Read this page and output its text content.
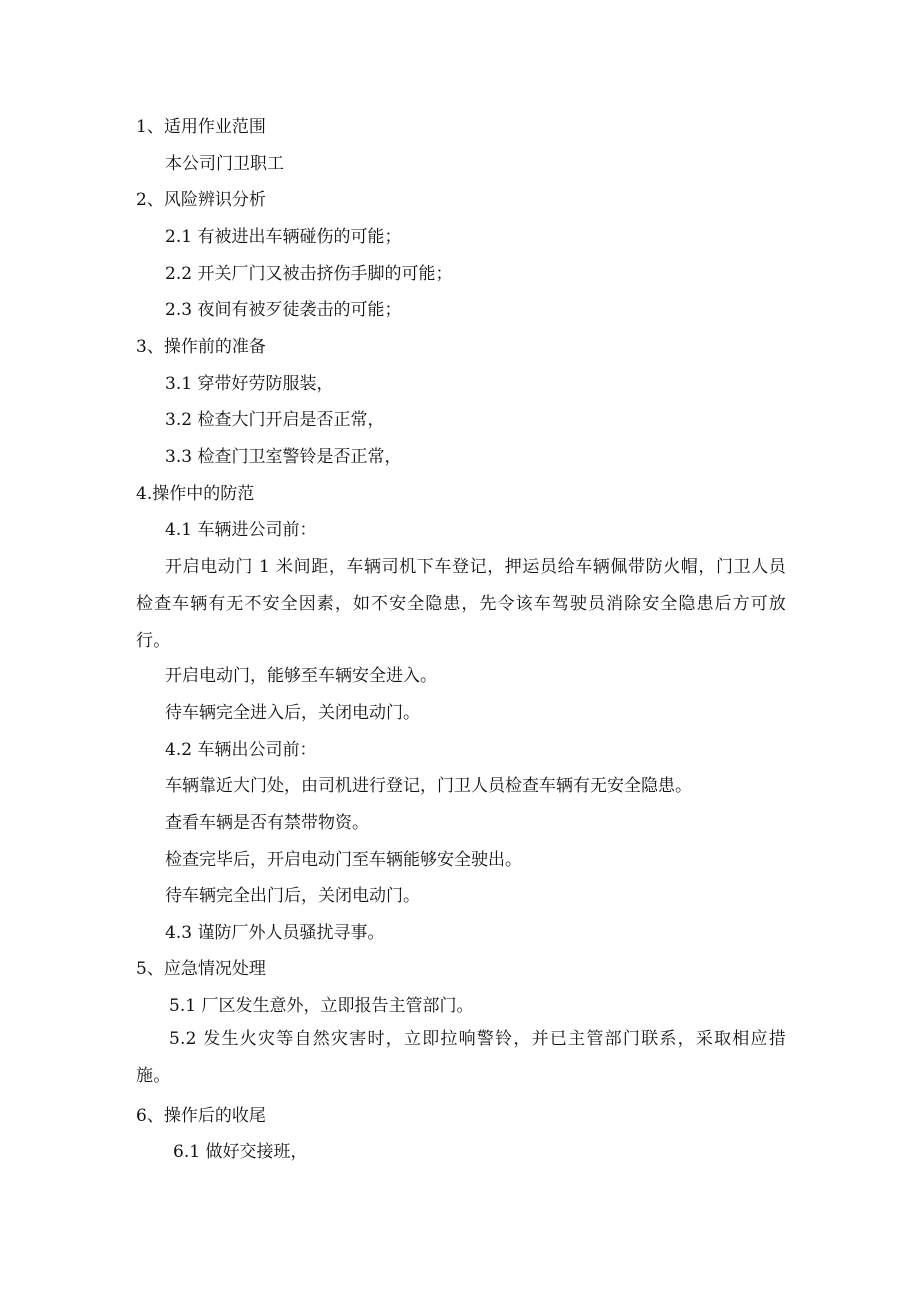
1、适用作业范围

本公司门卫职工

2、风险辨识分析

2.1 有被进出车辆碰伤的可能；

2.2 开关厂门又被击挤伤手脚的可能；

2.3 夜间有被歹徒袭击的可能；

3、操作前的准备

3.1 穿带好劳防服装，

3.2 检查大门开启是否正常，

3.3 检查门卫室警铃是否正常，

4.操作中的防范

4.1 车辆进公司前：

开启电动门 1 米间距，车辆司机下车登记，押运员给车辆佩带防火帽，门卫人员检查车辆有无不安全因素，如不安全隐患，先令该车驾驶员消除安全隐患后方可放行。

开启电动门，能够至车辆安全进入。

待车辆完全进入后，关闭电动门。

4.2 车辆出公司前：

车辆靠近大门处，由司机进行登记，门卫人员检查车辆有无安全隐患。

查看车辆是否有禁带物资。

检查完毕后，开启电动门至车辆能够安全驶出。

待车辆完全出门后，关闭电动门。

4.3 谨防厂外人员骚扰寻事。

5、应急情况处理

5.1 厂区发生意外，立即报告主管部门。

5.2 发生火灾等自然灾害时，立即拉响警铃，并已主管部门联系，采取相应措施。

6、操作后的收尾

6.1 做好交接班，
